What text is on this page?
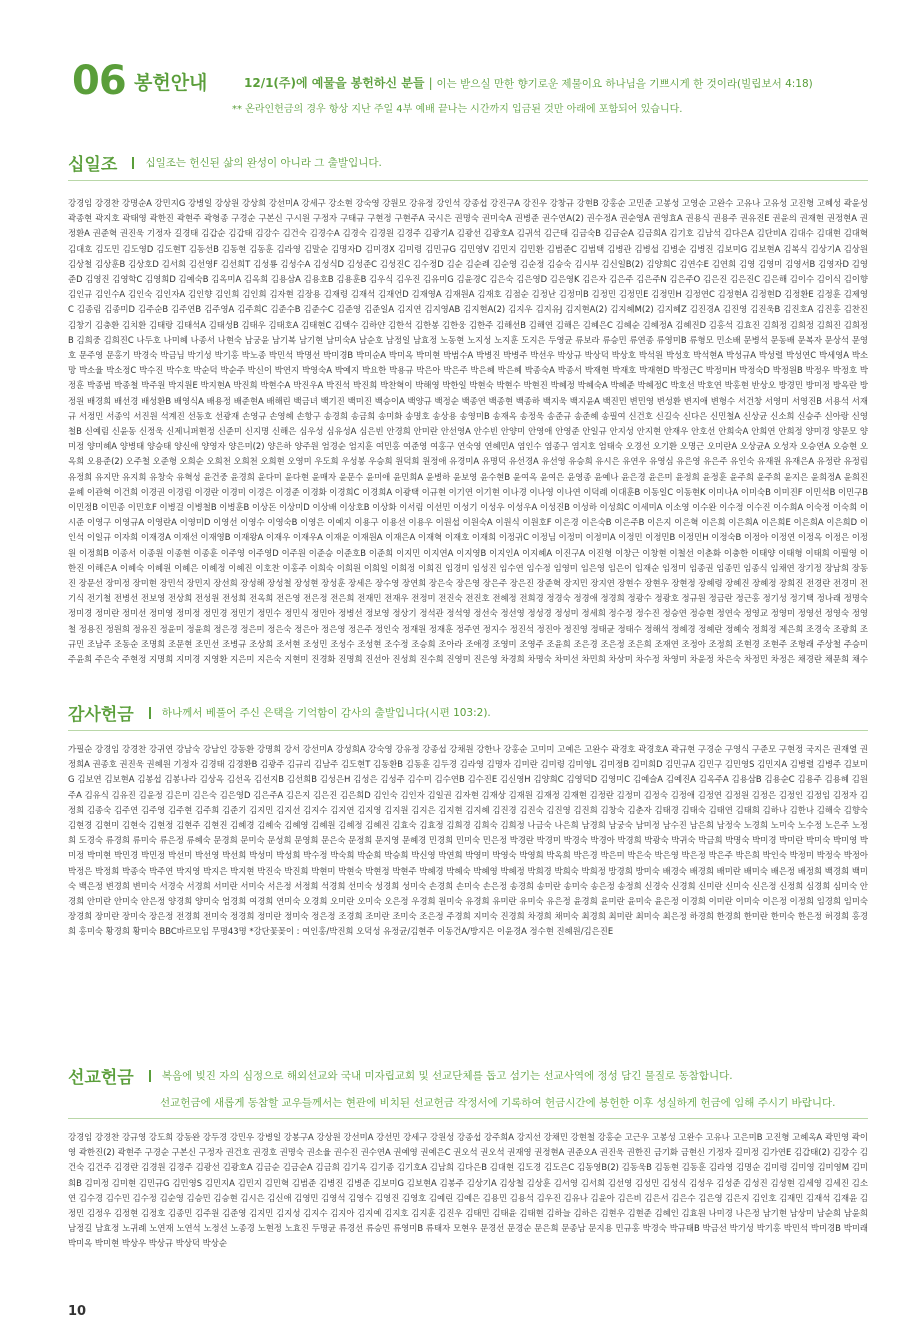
06 봉헌안내	12/1(주)에 예물을 봉헌하신 분들 | 이는 받으실 만한 향기로운 제물이요 하나님을 기쁘시게 한 것이라(빌립보서 4:18)
** 온라인헌금의 경우 항상 지난 주일 4부 예배 끝나는 시간까지 입금된 것만 아래에 포함되어 있습니다.
십일조	십일조는 헌신된 삶의 완성이 아니라 그 출발입니다.
강경임 강경찬 강명순A 강민지G 강병일 강상원 강상희 강선미A 강세구 강소현 강숙영 강원모 강유정 강인석 강종섭 강진구A 강진우 강창규 강현B 강홍순 고민준 고봉성 고영순 고완수 고유나 고유성 고진형 고혜성 곽윤성 곽종현 곽지호 곽태영 곽한진 곽현주 곽형종 구경순 구본신 구시원 구정자 구태규 구현정 구현주A 국시은 권명숙 권미숙A 권병준 권수연A(2) 권수정A 권순영A 권영효A 권용식 권용주 권유진E 권윤의 권재현 권정현A 권정환A 권준혁 권진욱 기정자 길경태 김갑순 김갑태 김강수 김건숙 김경수A 김경숙 김경원 김경주 김광기A 김광선 김광호A 김귀석 김근태 김금숙B 김금순A 김금희A 김기호 김남석 김다은A 김단비A 김대수 김대현 김대혁 김대호 김도민 김도영D 김도현T 김동선B 김동현 김동훈 김라영 김말순 김명자D 김미경X 김미령 김민규G 김민영V 김민지 김민환 김범준C 김범택 김병관 김병섭 김병순 김병진 김보미G 김보현A 김복식 김상기A 김상원 김상철 김상훈B 김상호D 김서희 김선영F 김선희T 김성룡 김성수A 김성식D 김성준C 김성진C 김수정D 김순 김순례 김순영 김순정 김승숙 김시부 김신일B(2) 김양희C 김연수E 김연희 김영 김영미 김영서B 김영자D 김영준D 김영진 김영학C 김영희D 김예숙B 김옥미A 김옥희 김용삼A 김용호B 김용훈B 김우식 김우진 김유미G 김윤경C 김은숙 김은영D 김은영K 김은자 김은주 김은주N 김은주O 김은진 김은진C 김은해 김이수 김이식 김이향 김인규 김인수A 김인숙 김인자A 김인향 김인희 김인희 김자현 김장용 김재령 김재석 김재언D 김재영A 김재원A 김재호 김점순 김정난 김정미B 김정민 김정민E 김정민H 김정연C 김정현A 김정현D 김정환E 김정훈 김제영C 김종림 김종미D 김주순B 김주연B 김주영A 김주희C 김준수B 김준수C 김준영 김준일A 김지연 김지영AB 김지현A(2) 김지우 김지유J 김지현A(2) 김지혜M(2) 김지혜Z 김진경A 김진영 김진욱B 김진호A 김진홍 김찬진 김창기 김충환 김치환 김태랑 김태석A 김태성B 김태우 김태호A 김태현C 김택수 김하얀 김한석 김한봉 김한웅 김한주 김해선B 김해연 김해은 김혜은C 김혜순 김혜정A 김혜진D 김홍석 김효진 김희정 김희정 김희진 김희정B 김희중 김희진C 나두호 나미혜 나종서 나현숙 남궁윤 남기복 남기현 남미숙A 남순호 남정일 남효정 노동현 노지성 노지훈 도지은 두영균 류보라 류승민 류연종 류영미B 류형모 민소배 문병석 문동배 문복자 문상석 문영호 문주영 문홍기 박경숙 박금님 박기성 박기홍 박노종 박민석 박명선 박미경B 박미순A 박미옥 박미현 박범수A 박병진 박병주 박선우 박상규 박상덕 박상호 박석원 박성호 박석현A 박성규A 박성렬 박성연C 박세영A 박소망 박소율 박소정C 박수진 박수호 박순덕 박순주 박신이 박연지 박영숙A 박예지 박요한 박용규 박은아 박은주 박은혜 박은혜 박종숙A 박종서 박재현 박재호 박재현D 박정근C 박정미H 박정숙D 박정원B 박정우 박정호 박정훈 박종범 박종철 박주원 박지원E 박지현A 박진희 박현수A 박진우A 박진석 박진희 박찬혁이 박해영 박한일 박현숙 박현수 박현진 박혜정 박혜숙A 박혜준 박혜정C 박호선 박호연 박홍현 반상오 방경민 방미정 방옥란 방정원 배경희 배선경 배성환B 배영식A 배용정 배준현A 배해린 백금녀 백기진 백미진 백승이A 백양규 백정순 백종연 백종현 백종하 백지욱 백지윤A 백진민 변민영 변성환 변지애 변형수 서건창 서영미 서영진B 서용석 서재규 서정민 서종익 서진원 석계진 선동호 선광재 손영규 손영혜 손항구 송경희 송금희 송미화 송명호 송상용 송영미B 송재옥 송정욱 송준규 송준혜 송필여 신건호 신길숙 신다은 신민철A 신상균 신소희 신승주 신아랑 신영철B 신예림 신윤동 신정욱 신제니퍼현정 신준미 신지명 신해은 심우성 심유성A 심은빈 안경희 안미란 안선영A 안수빈 안양미 안영애 안영준 안일규 안지성 안지현 안재우 안호선 안희숙A 안희연 안희정 양미경 양문모 양미정 양미혜A 양병태 양승태 양신애 양영자 양은미(2) 양은하 양주원 엄경순 엄지훈 여민홍 여준영 여홍구 연숙영 연혜민A 염인수 염종구 염지호 엄태숙 오경선 오기환 오명근 오미란A 오상균A 오성자 오승연A 오승현 오옥희 오용준(2) 오주철 오준형 오희순 오희천 오희천 오희현 오영미 우도희 우성봉 우승희 원덕희 원정애 유경미A 유명덕 유선경A 유선영 유승희 유시은 유연우 유영심 유은영 유은주 유인숙 유재원 유재은A 유정란 유정림 유정희 유지만 유지희 유창숙 유혁성 윤건중 윤경희 윤다미 윤다현 윤매자 윤문수 윤미애 윤민희A 윤병하 윤보영 윤수현B 윤여옥 윤여은 윤영종 윤예나 윤은경 윤은미 윤정희 윤정훈 윤주희 윤주희 윤지은 윤희정A 윤희진 윤혜 이관혁 이건희 이경권 이경림 이경란 이경미 이경은 이경준 이경화 이경희C 이경희A 이광택 이규현 이기연 이기현 이나경 이나영 이나연 이덕례 이대훈B 이동일C 이동현K 이미나A 이미숙B 이미진F 이민석B 이민구B 이민정B 이민종 이민호F 이병걸 이병철B 이병훈B 이상돈 이상미D 이상배 이상호B 이상화 이서림 이선민 이성기 이성우 이성우A 이성진B 이성하 이성희C 이세미A 이소영 이수완 이수정 이수진 이수희A 이숙정 이숙희 이시준 이영구 이영규A 이영란A 이영미D 이영선 이영수 이영숙B 이영은 이예지 이용구 이용선 이용우 이원섭 이원숙A 이원식 이원호F 이은경 이은숙B 이은주B 이은지 이은혁 이은희 이은희A 이은희E 이은희A 이은희D 이인석 이일규 이자희 이재경A 이재선 이재영B 이재왕A 이재우 이재우A 이재운 이재원A 이재은A 이재혁 이재호 이재희 이정귀C 이정님 이정미 이정미A 이정민 이정민B 이정민H 이정숙B 이정아 이정연 이정옥 이정은 이정원 이정희B 이종서 이종원 이종현 이종훈 이주영 이주영D 이주원 이준승 이준호B 이준희 이지민 이지연A 이지영B 이지인A 이지혜A 이진구A 이진형 이창근 이창현 이철선 이춘화 이충한 이태양 이태형 이태희 이필영 이한진 이해은A 이혜숙 이혜원 이혜은 이혜정 이혜진 이호찬 이홍주 이희숙 이희원 이희일 이희정 이희진 임경미 임성진 임수연 임수정 임영미 임은영 임은이 임재순 임정미 임종권 임종민 임종식 임채연 장기정 장남희 장동진 장문선 장미정 장미현 장민석 장민지 장선희 장성해 장성철 장성현 장성훈 장세은 장수영 장연희 장은숙 장은영 장은주 장은진 장준혁 장지민 장지연 장현수 장현우 장현정 장혜령 장혜진 장혜정 장희진 전경란 전경미 전기식 전기철 전병선 전보영 전상희 전성원 전성희 전옥희 전은영 전은정 전은희 전재민 전재우 전정미 전진숙 전진호 전혜정 전희경 정경숙 정경애 정경희 정광수 정광호 정규원 정금란 정근홍 정기성 정기택 정나래 정명숙 정미경 정미란 정미선 정미영 정미정 정민경 정민기 정민수 정민식 정민아 정병선 정보영 정상기 정석관 정석영 정선숙 정선영 정성경 정성미 정세희 정수정 정수진 정승연 정승현 정연숙 정영교 정영미 정영선 정영숙 정영철 정용진 정원희 정유진 정윤미 정윤희 정은경 정은미 정은숙 정은아 정은영 정은주 정인숙 정재원 정재훈 정주연 정지수 정진석 정진아 정진영 정태균 정태수 정해석 정혜경 정혜란 정혜숙 정희정 제은희 조경숙 조광희 조규민 조남주 조동순 조명희 조문현 조민선 조병규 조상희 조서현 조성민 조성수 조성현 조수정 조승희 조아라 조애경 조영미 조영주 조윤희 조은경 조은정 조은희 조재연 조정아 조정희 조현경 조현주 조형래 주상철 주승미 주윤희 주은숙 주현정 지명희 지미경 지영환 지은미 지은숙 지현미 진경화 진명희 진선아 진성희 진수희 진영미 진은영 차경희 차명숙 차미선 차민희 차상미 차수정 차영미 차윤정 차은숙 차정민 차정은 채경란 채문희 채수
감사헌금	하나께서 베풀어 주신 은택을 기억함이 감사의 출발입니다(시편 103:2).
가필순 강경임 강경찬 강귀연 강남숙 강남인 강동환 강명희 강서 강선미A 강성희A 강숙영 강유정 강종섭 강채원 강한나 강홍순 고미미 고예은 고완수 곽경호 곽경호A 곽규현 구경순 구영식 구준모 구현정 국지은 권재열 권정희A 권종호 권진욱 권혜원 기정자 김경태 김경환B 김광주 김규리 김남주 김도현T 김동환B 김동훈 김두경 김라영 김명자 김미란 김미령 김미영L 김미정B 김미희D 김민규A 김민구 김민영S 김민지A 김병렬 김병주 김보미G 김보연 김보현A 김봉섭 김봉나라 김상옥 김선옥 김선지B 김선희B 김성은H 김성은 김성주 김수미 김수연B 김수진E 김신영H 김양희C 김영덕D 김영미C 김예슬A 김예진A 김옥주A 김용삼B 김용순C 김용주 김용혜 김원주A 김유식 김유진 김윤정 김은미 김은숙 김은영D 김은주A 김은지 김은진 김은희D 김인숙 김인자 김일권 김자현 김재상 김재원 김재정 김재현 김정란 김정미 김정숙 김정애 김정연 김정원 김정은 김정인 김정임 김정자 김정희 김종숙 김주연 김주영 김주현 김주희 김준기 김지민 김지선 김지수 김지연 김지영 김지원 김지은 김지현 김지혜 김진경 김진숙 김진영 김진희 김창숙 김춘자 김태경 김태숙 김태연 김태희 김하나 김한나 김해숙 김향숙 김현경 김현미 김현숙 김현정 김현주 김현진 김혜경 김혜숙 김혜영 김혜원 김혜정 김혜진 김효숙 김효정 김희경 김희숙 김희정 나금숙 나은희 남경희 남궁숙 남미정 남수진 남은희 남정숙 노경희 노미숙 노수정 노은주 노정희 도경숙 류경희 류미숙 류은정 류혜숙 문경희 문미숙 문성희 문영희 문은숙 문정희 문지영 문혜경 민경희 민미숙 민은정 박경란 박경미 박경숙 박경아 박경희 박광숙 박귀숙 박금희 박명숙 박미경 박미란 박미숙 박미영 박미정 박미현 박민경 박민정 박선미 박선영 박선희 박성미 박성희 박수정 박숙희 박순희 박승희 박신영 박연희 박영미 박영숙 박영희 박옥희 박은경 박은미 박은숙 박은영 박은정 박은주 박은희 박인숙 박정미 박정숙 박정아 박정은 박정희 박종숙 박주연 박지영 박지은 박지현 박진숙 박진희 박현미 박현숙 박현정 박현주 박혜경 박혜숙 박혜영 박혜정 박희경 박희숙 박희정 방경희 방미숙 배경숙 배경희 배미란 배미숙 배은정 배정희 백경희 백미숙 백은정 변경희 변미숙 서경숙 서경희 서미란 서미숙 서은정 서정희 석경희 선미숙 성경희 성미숙 손경희 손미숙 손은정 송경희 송미란 송미숙 송은정 송정희 신경숙 신경희 신미란 신미숙 신은정 신정희 심경희 심미숙 안경희 안미란 안미숙 안은정 양경희 양미숙 엄경희 여경희 연미숙 오경희 오미란 오미숙 오은정 우경희 원미숙 유경희 유미란 유미숙 유은정 윤경희 윤미란 윤미숙 윤은정 이경희 이미란 이미숙 이은정 이정희 임경희 임미숙 장경희 장미란 장미숙 장은정 전경희 전미숙 정경희 정미란 정미숙 정은정 조경희 조미란 조미숙 조은정 주경희 지미숙 진경희 차경희 채미숙 최경희 최미란 최미숙 최은정 하경희 한경희 한미란 한미숙 한은정 허경희 홍경희 홍미숙 황경희 황미숙 BBC바르모임 무명43명 *강단꽃꽂이 : 여인홍/박진희 오덕성 유정균/김현주 이동건A/방지은 이윤경A 정수현 진혜원/김은진E
선교헌금	복음에 빚진 자의 심정으로 해외선교와 국내 미자립교회 및 선교단체를 돕고 섬기는 선교사역에 정성 담긴 물질로 동참합니다.
선교헌금에 새롭게 동참할 교우들께서는 현관에 비치된 선교헌금 작정서에 기록하여 헌금시간에 봉헌한 이후 성실하게 헌금에 임해 주시기 바랍니다.
강경임 강경찬 강규영 강도희 강동완 강두경 강민우 강병일 강봉구A 강상원 강선미A 강선민 강세구 강원성 강종섭 강주희A 강지선 강채민 강현철 강홍순 고근우 고봉성 고완수 고유나 고은미B 고진형 고혜옥A 곽민영 곽이영 곽한진(2) 곽현주 구경순 구본신 구정자 권건호 권경호 권명숙 권소율 권수진 권수연A 권예영 권예은C 권오석 권오석 권재영 권정현A 권준오A 권진욱 권한진 금기화 금현신 기정자 길미정 김가연E 김갑태(2) 김강수 김건숙 김건주 김경란 김경원 김경주 김광선 김광호A 김금순 김금순A 김금희 김기옥 김기종 김기호A 김남희 김다은B 김대현 김도경 김도은C 김동영B(2) 김동욱B 김동현 김동훈 김라영 김명순 김미령 김미영 김미영M 김미희B 김미정 김미현 김민규G 김민영S 김민지A 김민지 김민혁 김범준 김병진 김병준 김보미G 김보현A 김봉주 김상기A 김상철 김상훈 김서영 김서희 김선영 김성민 김성식 김성우 김성준 김성진 김성현 김세영 김세진 김소연 김수경 김수민 김수정 김순영 김승민 김승현 김시은 김신애 김영민 김영석 김영수 김영진 김영호 김예린 김예은 김용민 김용석 김우진 김유나 김윤아 김은비 김은서 김은수 김은영 김은지 김인호 김재민 김재석 김재윤 김정민 김정우 김정현 김정호 김종민 김주원 김준영 김지민 김지성 김지수 김지아 김지예 김지호 김지훈 김진우 김태민 김태윤 김태현 김하늘 김하은 김현우 김현준 김혜인 김효원 나미경 나은정 남기현 남상미 남순희 남윤희 남정길 남효정 노귀례 노연재 노연석 노정선 노종경 노현정 노효진 두명균 류경선 류승민 류영미B 류태자 모현우 문경선 문경순 문은희 문종남 문지용 민규홍 박경숙 박규태B 박금선 박기성 박기홍 박민석 박미경B 박미래 박미옥 박미현 박상우 박상규 박상덕 박상순
10
